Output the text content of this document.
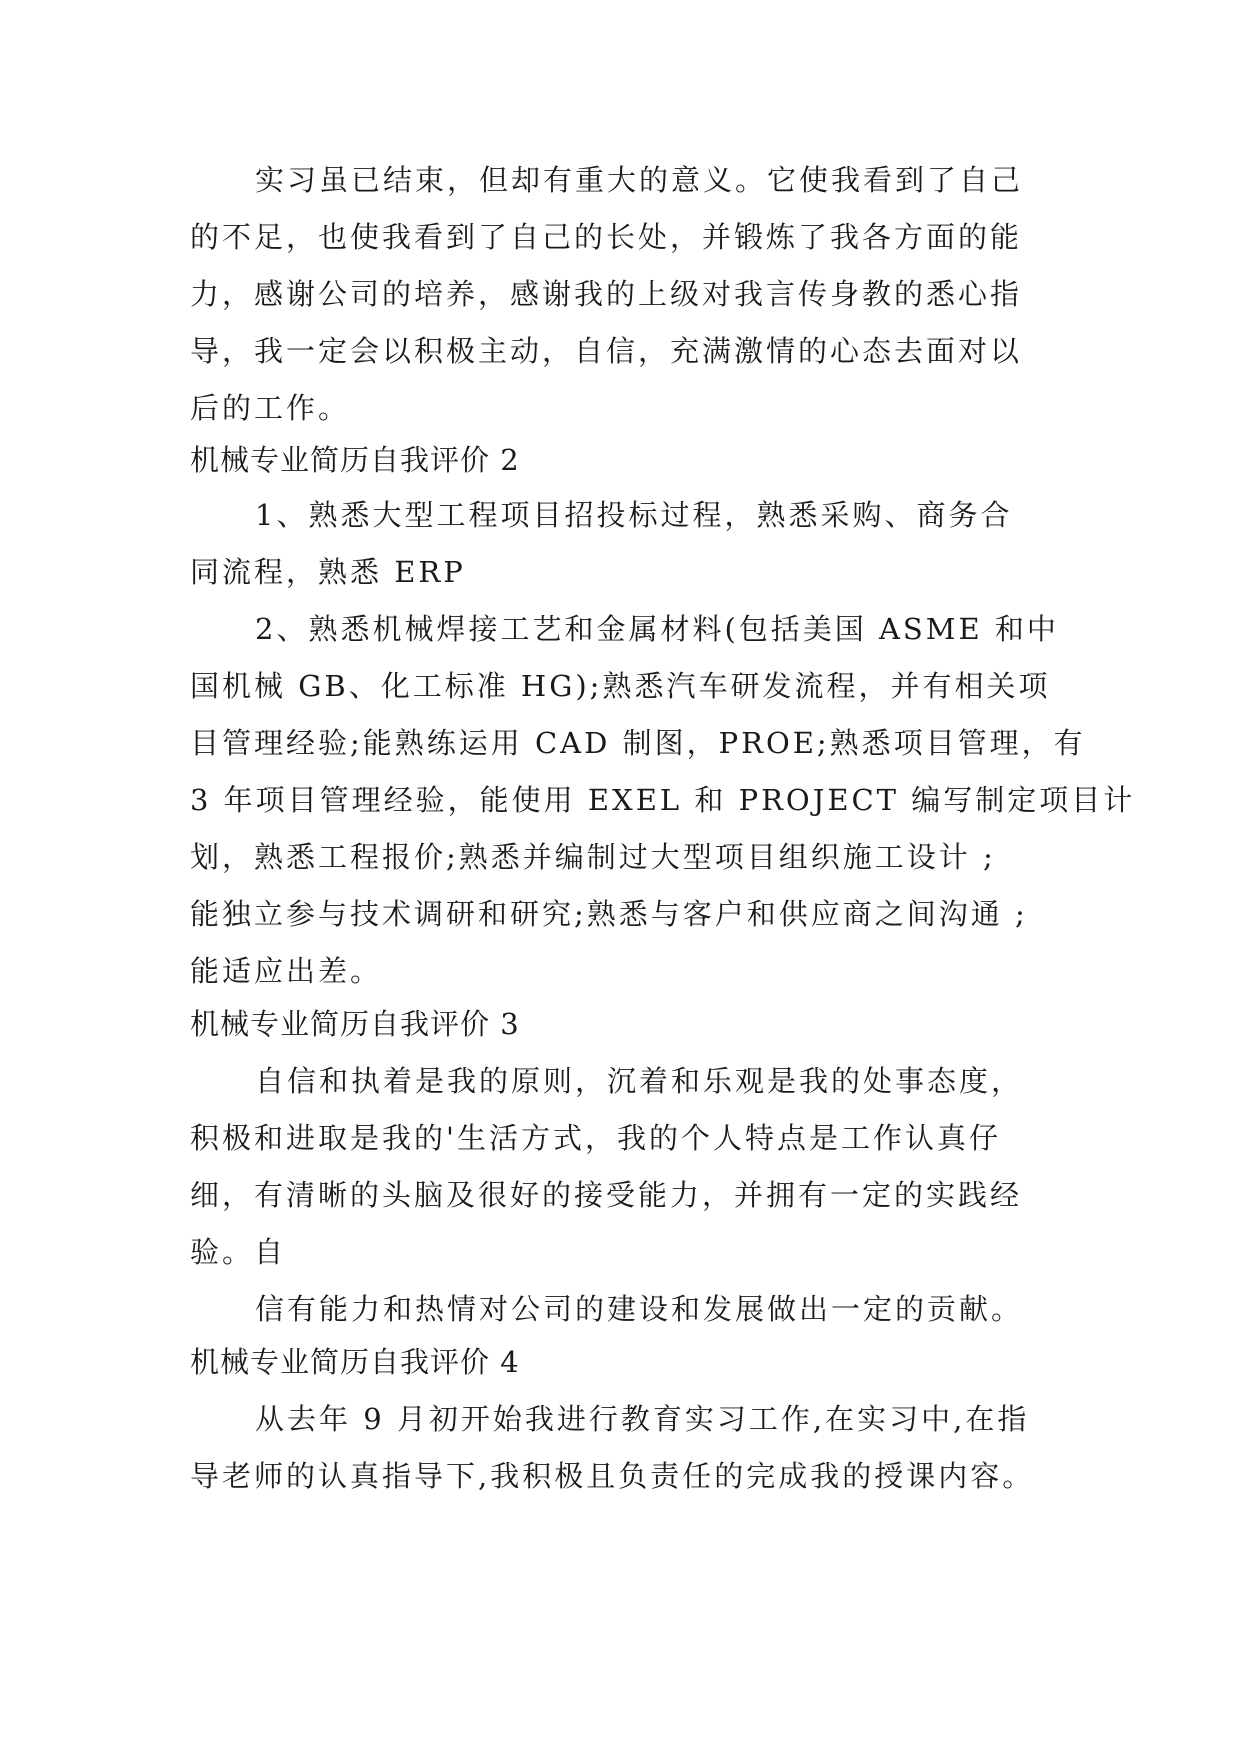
实习虽已结束，但却有重大的意义。它使我看到了自己
的不足，也使我看到了自己的长处，并锻炼了我各方面的能
力，感谢公司的培养，感谢我的上级对我言传身教的悉心指
导，我一定会以积极主动，自信，充满激情的心态去面对以
后的工作。
机械专业简历自我评价 2
1、熟悉大型工程项目招投标过程，熟悉采购、商务合
同流程，熟悉 ERP
2、熟悉机械焊接工艺和金属材料(包括美国 ASME 和中
国机械 GB、化工标准 HG);熟悉汽车研发流程，并有相关项
目管理经验;能熟练运用 CAD 制图，PROE;熟悉项目管理，有
3 年项目管理经验，能使用 EXEL 和 PROJECT 编写制定项目计
划，熟悉工程报价;熟悉并编制过大型项目组织施工设计 ;
能独立参与技术调研和研究;熟悉与客户和供应商之间沟通 ;
能适应出差。
机械专业简历自我评价 3
自信和执着是我的原则，沉着和乐观是我的处事态度，
积极和进取是我的'生活方式，我的个人特点是工作认真仔
细，有清晰的头脑及很好的接受能力，并拥有一定的实践经
验。自
信有能力和热情对公司的建设和发展做出一定的贡献。
机械专业简历自我评价 4
从去年 9 月初开始我进行教育实习工作,在实习中,在指
导老师的认真指导下,我积极且负责任的完成我的授课内容。
